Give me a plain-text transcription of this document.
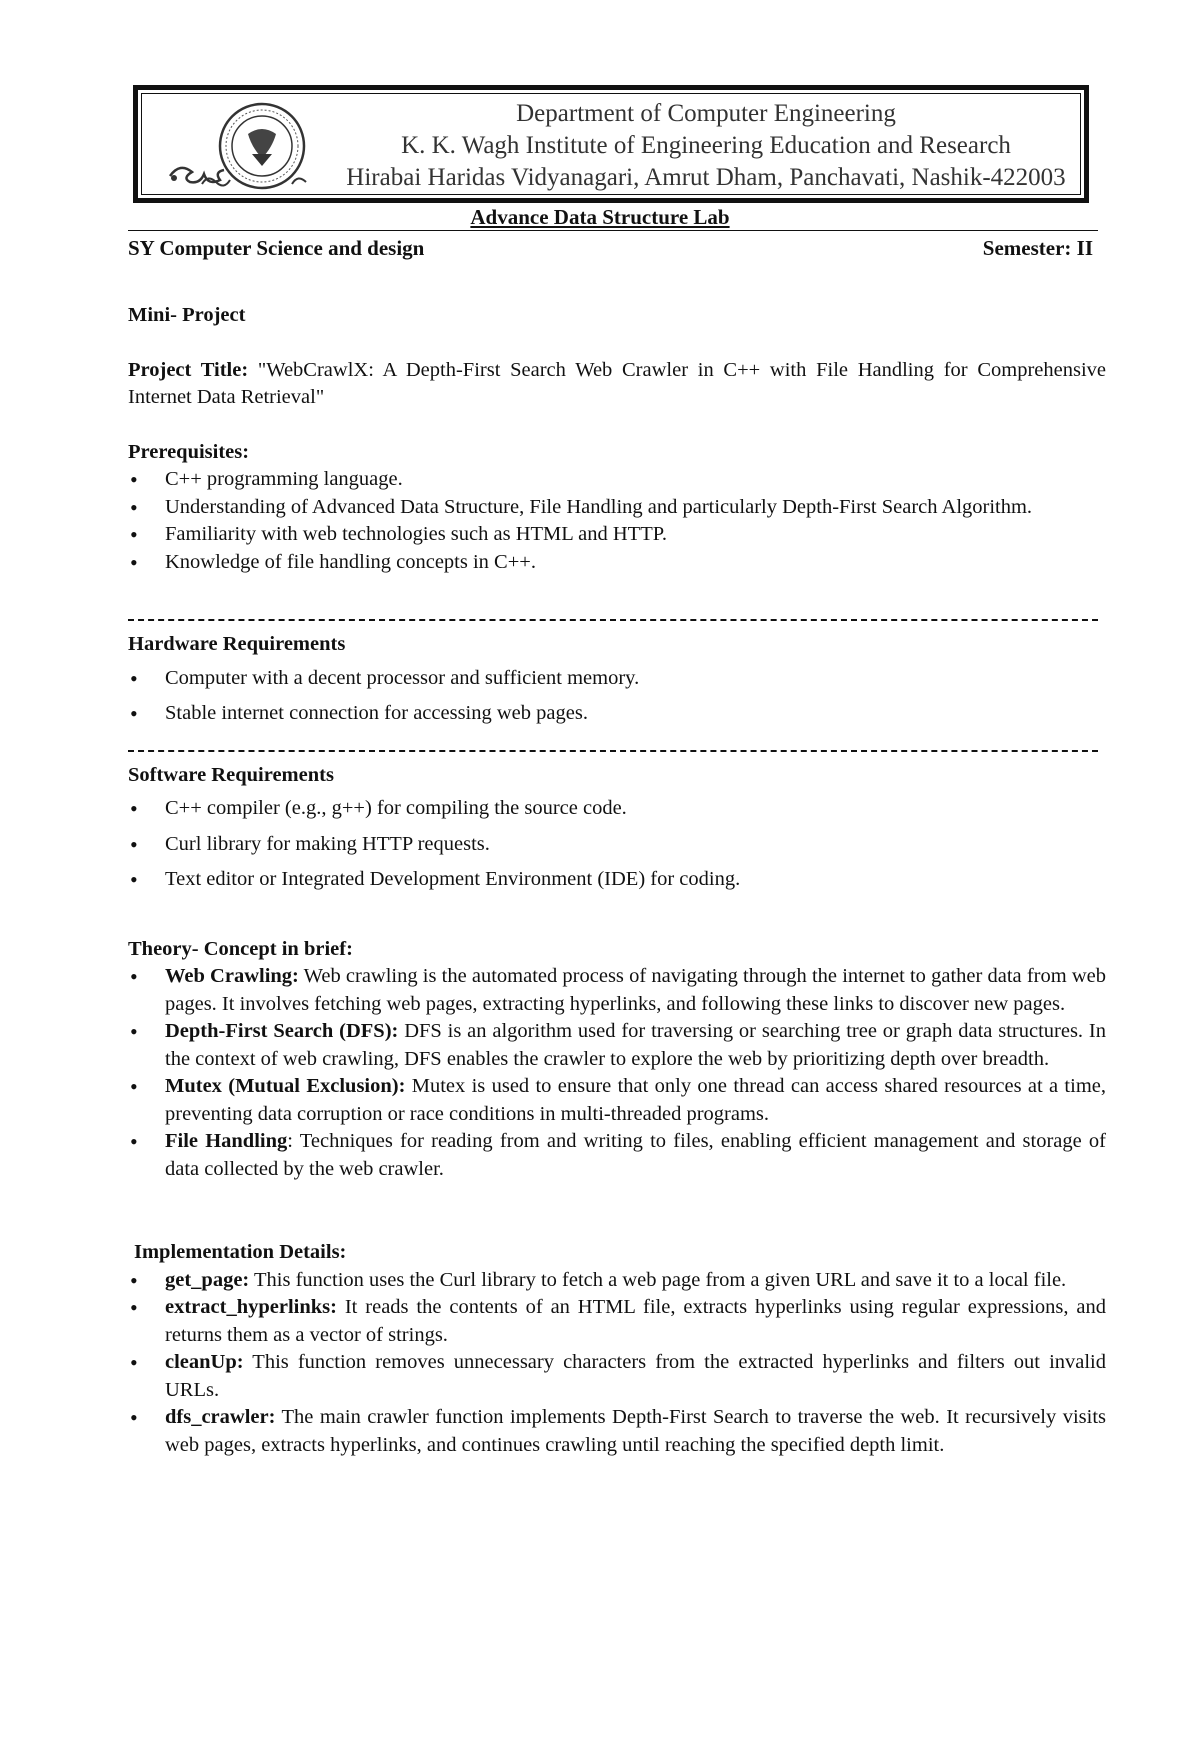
Department of Computer Engineering
K. K. Wagh Institute of Engineering Education and Research
Hirabai Haridas Vidyanagari, Amrut Dham, Panchavati, Nashik-422003
Advance Data Structure Lab
SY Computer Science and design	Semester: II

Mini- Project

Project Title: "WebCrawlX: A Depth-First Search Web Crawler in C++ with File Handling for Comprehensive Internet Data Retrieval"

Prerequisites:

• C++ programming language.
• Understanding of Advanced Data Structure, File Handling and particularly Depth-First Search Algorithm.
• Familiarity with web technologies such as HTML and HTTP.
• Knowledge of file handling concepts in C++.

Hardware Requirements

• Computer with a decent processor and sufficient memory.
• Stable internet connection for accessing web pages.

Software Requirements

• C++ compiler (e.g., g++) for compiling the source code.
• Curl library for making HTTP requests.
• Text editor or Integrated Development Environment (IDE) for coding.

Theory- Concept in brief:

• Web Crawling: Web crawling is the automated process of navigating through the internet to gather data from web pages. It involves fetching web pages, extracting hyperlinks, and following these links to discover new pages.
• Depth-First Search (DFS): DFS is an algorithm used for traversing or searching tree or graph data structures. In the context of web crawling, DFS enables the crawler to explore the web by prioritizing depth over breadth.
• Mutex (Mutual Exclusion): Mutex is used to ensure that only one thread can access shared resources at a time, preventing data corruption or race conditions in multi-threaded programs.
• File Handling: Techniques for reading from and writing to files, enabling efficient management and storage of data collected by the web crawler.

Implementation Details:

• get_page: This function uses the Curl library to fetch a web page from a given URL and save it to a local file.
• extract_hyperlinks: It reads the contents of an HTML file, extracts hyperlinks using regular expressions, and returns them as a vector of strings.
• cleanUp: This function removes unnecessary characters from the extracted hyperlinks and filters out invalid URLs.
• dfs_crawler: The main crawler function implements Depth-First Search to traverse the web. It recursively visits web pages, extracts hyperlinks, and continues crawling until reaching the specified depth limit.
